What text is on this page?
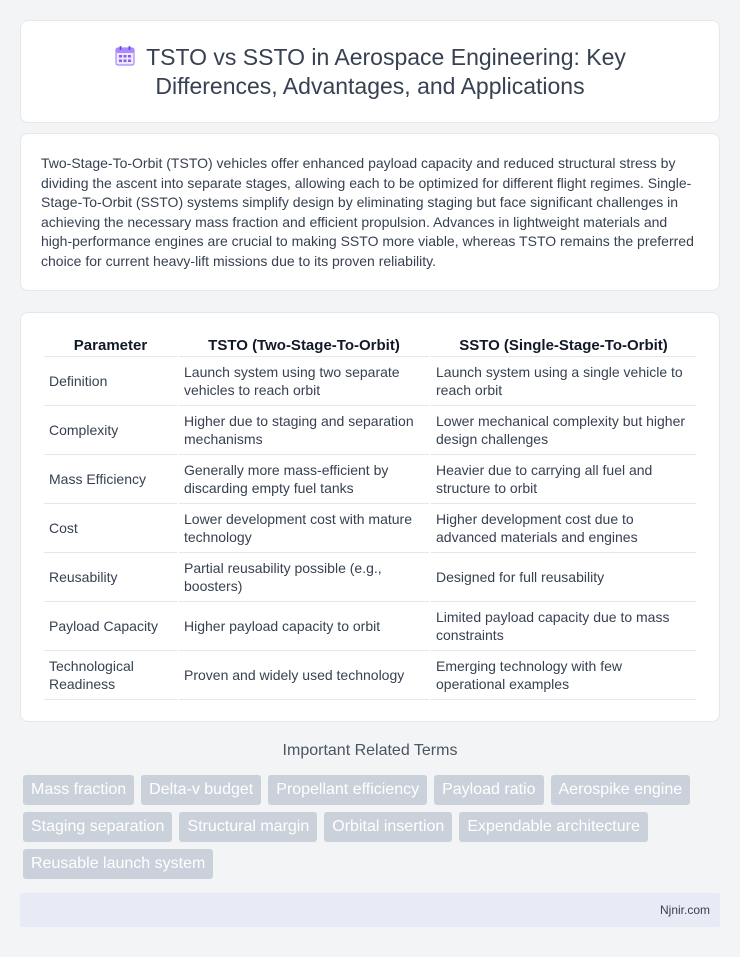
TSTO vs SSTO in Aerospace Engineering: Key Differences, Advantages, and Applications

Two-Stage-To-Orbit (TSTO) vehicles offer enhanced payload capacity and reduced structural stress by dividing the ascent into separate stages, allowing each to be optimized for different flight regimes. Single-Stage-To-Orbit (SSTO) systems simplify design by eliminating staging but face significant challenges in achieving the necessary mass fraction and efficient propulsion. Advances in lightweight materials and high-performance engines are crucial to making SSTO more viable, whereas TSTO remains the preferred choice for current heavy-lift missions due to its proven reliability.

Parameter	TSTO (Two-Stage-To-Orbit)	SSTO (Single-Stage-To-Orbit)
Definition	Launch system using two separate vehicles to reach orbit	Launch system using a single vehicle to reach orbit
Complexity	Higher due to staging and separation mechanisms	Lower mechanical complexity but higher design challenges
Mass Efficiency	Generally more mass-efficient by discarding empty fuel tanks	Heavier due to carrying all fuel and structure to orbit
Cost	Lower development cost with mature technology	Higher development cost due to advanced materials and engines
Reusability	Partial reusability possible (e.g., boosters)	Designed for full reusability
Payload Capacity	Higher payload capacity to orbit	Limited payload capacity due to mass constraints
Technological Readiness	Proven and widely used technology	Emerging technology with few operational examples
Important Related Terms
Mass fraction	Delta-v budget	Propellant efficiency	Payload ratio	Aerospike engine
Staging separation	Structural margin	Orbital insertion	Expendable architecture
Reusable launch system
Njnir.com
